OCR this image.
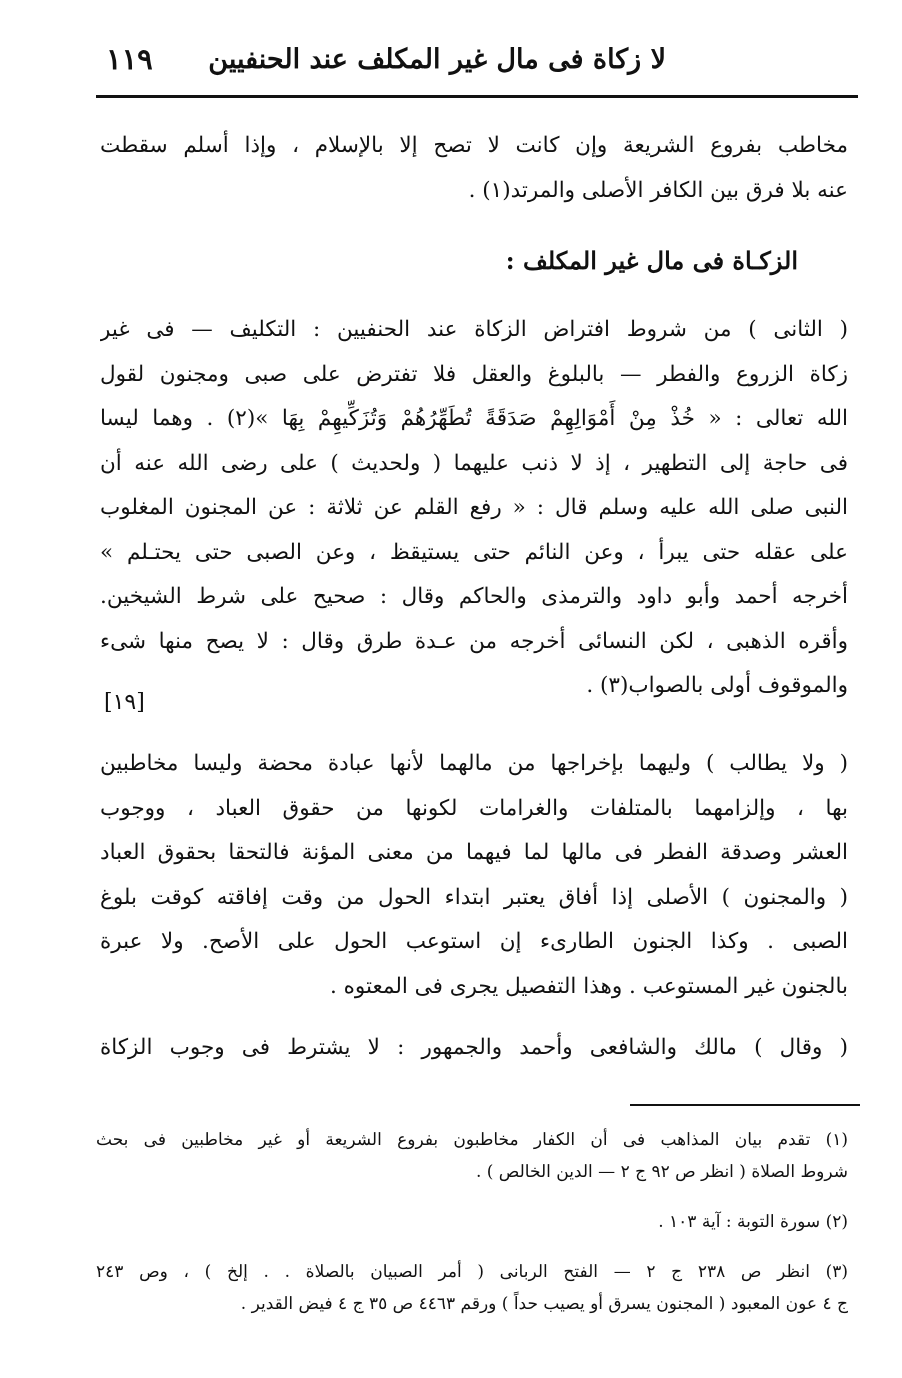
لا زكاة فى مال غير المكلف عند الحنفيين
١١٩
مخاطب بفروع الشريعة وإن كانت لا تصح إلا بالإسلام ، وإذا أسلم سقطت
عنه بلا فرق بين الكافر الأصلى والمرتد(١) .
الزكـاة فى مال غير المكلف :
( الثانى ) من شروط افتراض الزكاة عند الحنفيين : التكليف — فى غير
زكاة الزروع والفطر — بالبلوغ والعقل فلا تفترض على صبى ومجنون لقول
الله تعالى : « خُذْ مِنْ أَمْوَالِهِمْ صَدَقَةً تُطَهِّرُهُمْ وَتُزَكِّيهِمْ بِهَا »(٢) . وهما ليسا
فى حاجة إلى التطهير ، إذ لا ذنب عليهما ( ولحديث ) على رضى الله عنه أن
النبى صلى الله عليه وسلم قال : « رفع القلم عن ثلاثة : عن المجنون المغلوب
على عقله حتى يبرأ ، وعن النائم حتى يستيقظ ، وعن الصبى حتى يحتـلم »
أخرجه أحمد وأبو داود والترمذى والحاكم وقال : صحيح على شرط الشيخين.
وأقره الذهبى ، لكن النسائى أخرجه من عـدة طرق وقال : لا يصح منها شىء
والموقوف أولى بالصواب(٣) .
[١٩]
( ولا يطالب ) وليهما بإخراجها من مالهما لأنها عبادة محضة وليسا مخاطبين
بها ، وإلزامهما بالمتلفات والغرامات لكونها من حقوق العباد ، ووجوب
العشر وصدقة الفطر فى مالها لما فيهما من معنى المؤنة فالتحقا بحقوق العباد
( والمجنون ) الأصلى إذا أفاق يعتبر ابتداء الحول من وقت إفاقته كوقت بلوغ
الصبى . وكذا الجنون الطارىء إن استوعب الحول على الأصح. ولا عبرة
بالجنون غير المستوعب . وهذا التفصيل يجرى فى المعتوه .
( وقال ) مالك والشافعى وأحمد والجمهور : لا يشترط فى وجوب الزكاة
(١) تقدم بيان المذاهب فى أن الكفار مخاطبون بفروع الشريعة أو غير مخاطبين فى بحث
شروط الصلاة ( انظر ص ٩٢ ج ٢ — الدين الخالص ) .
(٢) سورة التوبة : آية ١٠٣ .
(٣) انظر ص ٢٣٨ ج ٢ — الفتح الربانى ( أمر الصبيان بالصلاة . . إلخ ) ، وص ٢٤٣
ج ٤ عون المعبود ( المجنون يسرق أو يصيب حداً ) ورقم ٤٤٦٣ ص ٣٥ ج ٤ فيض القدير .
